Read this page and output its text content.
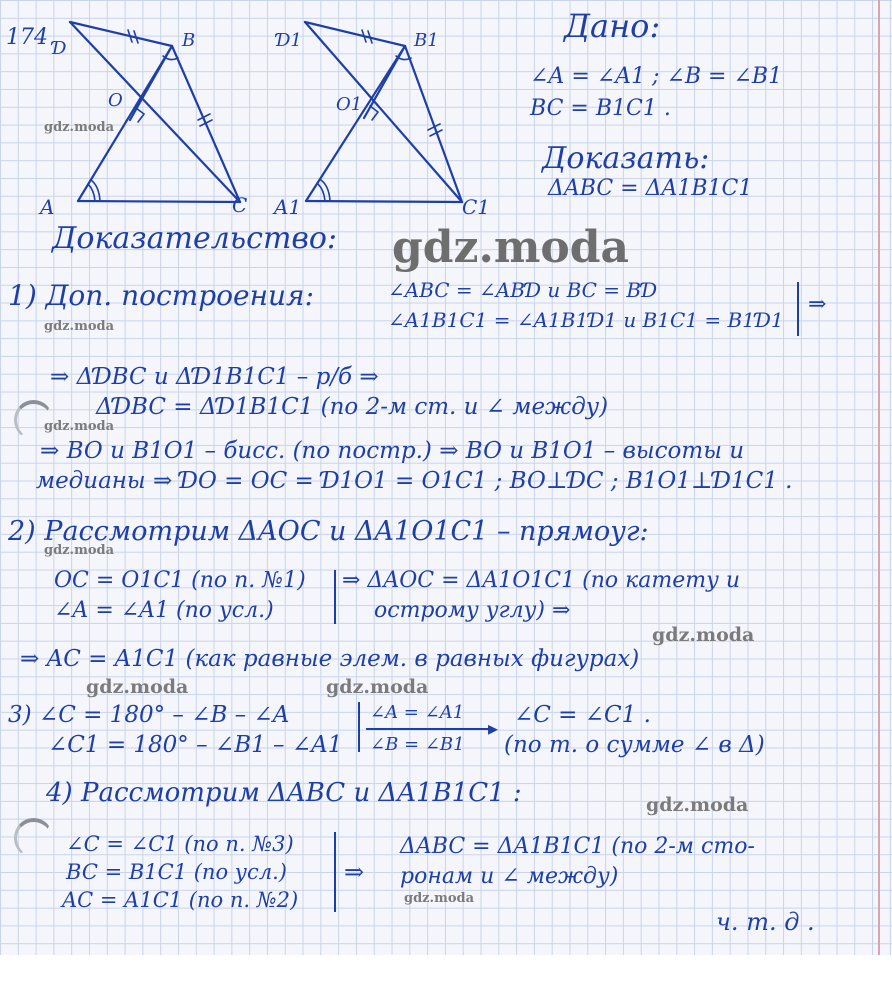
174 Ɗ	B
O
A	C
Ɗ1	B1
O1
A1	C1
Дано:
∠A = ∠A1 ; ∠B = ∠B1
BC = B1C1 .
Доказать:
ΔABC = ΔA1B1C1
Доказательство:
1) Доп. построения:	∠ABC = ∠ABƊ и BC = BƊ
∠A1B1C1 = ∠A1B1Ɗ1 и B1C1 = B1Ɗ1
⇒
⇒ ΔƊBC и ΔƊ1B1C1 – р/б ⇒
ΔƊBC = ΔƊ1B1C1 (по 2-м ст. и ∠ между)
⇒ BO и B1O1 – бисс. (по постр.) ⇒ BO и B1O1 – высоты и
медианы ⇒ ƊO = OC = Ɗ1O1 = O1C1 ; BO⊥ƊC ; B1O1⊥Ɗ1C1 .
2) Рассмотрим ΔAOC и ΔA1O1C1 – прямоуг:
OC = O1C1 (по п. №1)
∠A = ∠A1 (по усл.)
⇒ ΔAOC = ΔA1O1C1 (по катету и
острому углу) ⇒
⇒ AC = A1C1 (как равные элем. в равных фигурах)
3) ∠C = 180° – ∠B – ∠A
∠C1 = 180° – ∠B1 – ∠A1
∠A = ∠A1
▸
∠B = ∠B1
∠C = ∠C1 .
(по т. о сумме ∠ в Δ)
4) Рассмотрим ΔABC и ΔA1B1C1 :
∠C = ∠C1 (по п. №3)
BC = B1C1 (по усл.)
AC = A1C1 (по п. №2)
⇒
ΔABC = ΔA1B1C1 (по 2-м сто-
ронам и ∠ между)
ч. т. д .
gdz.moda
gdz.moda
gdz.moda
gdz.moda
gdz.moda
gdz.moda
gdz.moda	gdz.moda
gdz.moda
gdz.moda
